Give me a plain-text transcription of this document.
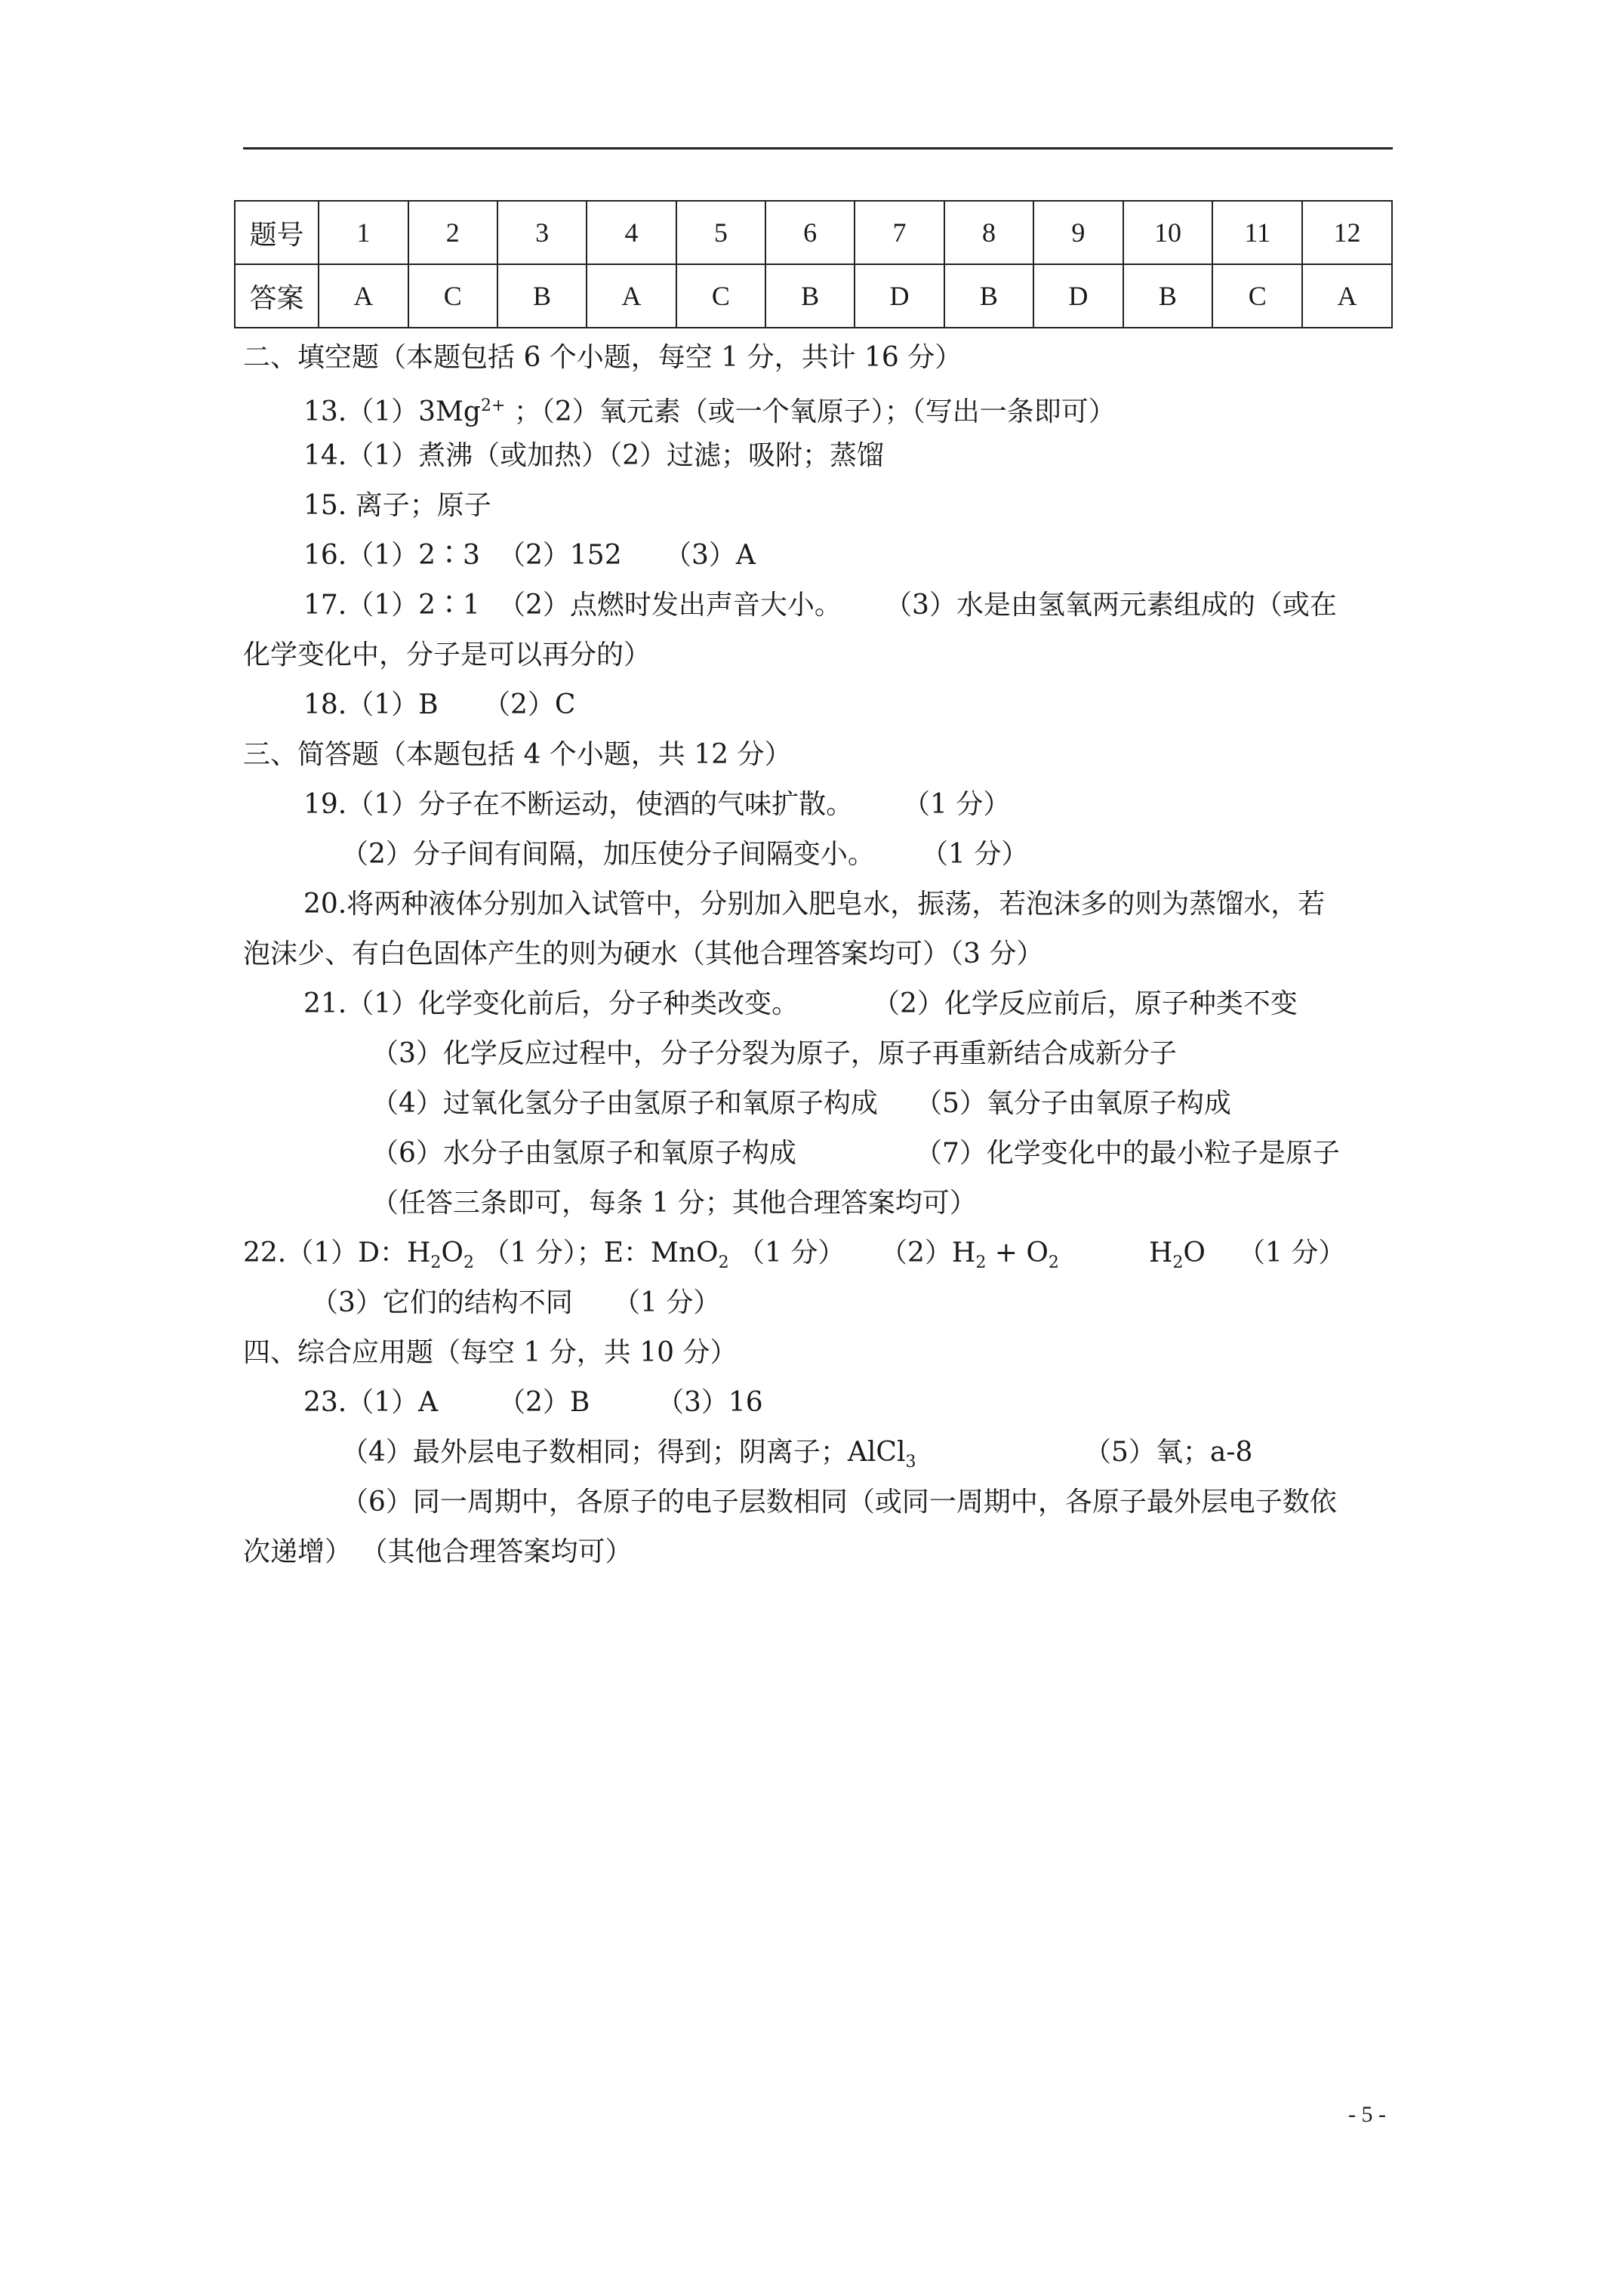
题号	1	2	3	4	5	6	7	8	9	10	11	12
答案	A	C	B	A	C	B	D	B	D	B	C	A
二、填空题（本题包括 6 个小题，每空 1 分，共计 16 分）
$13.(1)3Mg^{2+}$ ；（2）氧元素（或一个氧原子）；（写出一条即可）
14.（1）煮沸（或加热）（2）过滤；吸附；蒸馏
15. 离子；原子
16.（1）2∶3 （2）152 （3）A
17.（1）2∶1 （2）点燃时发出声音大小。 （3）水是由氢氧两元素组成的（或在
化学变化中，分子是可以再分的）
18.（1）B （2）C
三、简答题（本题包括 4 个小题，共 12 分）
19.（1）分子在不断运动，使酒的气味扩散。 （1 分）
（2）分子间有间隔，加压使分子间隔变小。 （1 分）
20.将两种液体分别加入试管中，分别加入肥皂水，振荡，若泡沫多的则为蒸馏水，若
泡沫少、有白色固体产生的则为硬水（其他合理答案均可）（3 分）
21.（1）化学变化前后，分子种类改变。	（2）化学反应前后，原子种类不变
（3）化学反应过程中，分子分裂为原子，原子再重新结合成新分子
（4）过氧化氢分子由氢原子和氧原子构成 （5）氧分子由氧原子构成
（6）水分子由氢原子和氧原子构成	（7）化学变化中的最小粒子是原子
（任答三条即可，每条 1 分；其他合理答案均可）
22.（1）D：$H_2O_2$ （1 分）；E：MnO$_2$ （1 分） $(2)H_2 + O_2$	$H_2O$ （1 分）
（3）它们的结构不同 （1 分）
四、综合应用题（每空 1 分，共 10 分）
23.（1）A （2）B （3）16
（4）最外层电子数相同；得到；阴离子；AlCl$_3$	（5）氧；a-8
（6）同一周期中，各原子的电子层数相同（或同一周期中，各原子最外层电子数依
次递增） （其他合理答案均可）
- 5 -
